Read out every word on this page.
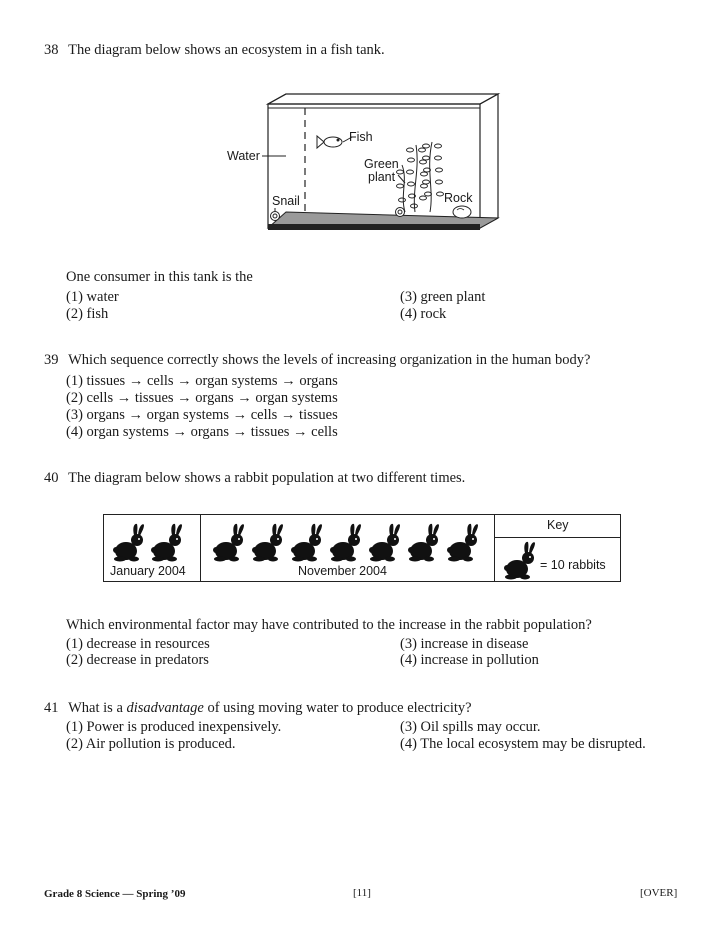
38 The diagram below shows an ecosystem in a fish tank.
Fish
Water
Green
plant
Snail	Rock
One consumer in this tank is the
(1) water
(2) fish
(3) green plant
(4) rock
39 Which sequence correctly shows the levels of increasing organization in the human body?
(1) tissues → cells → organ systems → organs
(2) cells → tissues → organs → organ systems
(3) organs → organ systems → cells → tissues
(4) organ systems → organs → tissues → cells
40 The diagram below shows a rabbit population at two different times.
January 2004	November 2004
Key
= 10 rabbits
Which environmental factor may have contributed to the increase in the rabbit population?
(1) decrease in resources
(2) decrease in predators
(3) increase in disease
(4) increase in pollution
41 What is a disadvantage of using moving water to produce electricity?
(1) Power is produced inexpensively.
(2) Air pollution is produced.
(3) Oil spills may occur.
(4) The local ecosystem may be disrupted.
Grade 8 Science — Spring ’09	[11]	[OVER]
